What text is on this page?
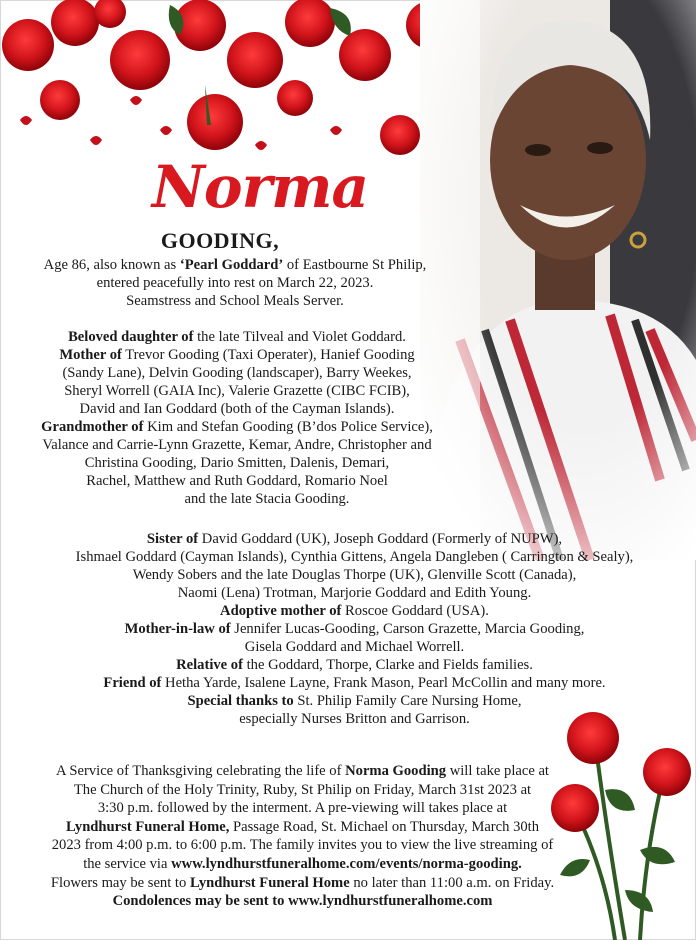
Norma
GOODING,
Age 86, also known as ‘Pearl Goddard’ of Eastbourne St Philip,
entered peacefully into rest on March 22, 2023.
Seamstress and School Meals Server.
Beloved daughter of the late Tilveal and Violet Goddard.
Mother of Trevor Gooding (Taxi Operater), Hanief Gooding
(Sandy Lane), Delvin Gooding (landscaper), Barry Weekes,
Sheryl Worrell (GAIA Inc), Valerie Grazette (CIBC FCIB),
David and Ian Goddard (both of the Cayman Islands).
Grandmother of Kim and Stefan Gooding (B’dos Police Service),
Valance and Carrie-Lynn Grazette, Kemar, Andre, Christopher and
Christina Gooding, Dario Smitten, Dalenis, Demari,
Rachel, Matthew and Ruth Goddard, Romario Noel
and the late Stacia Gooding.
Sister of David Goddard (UK), Joseph Goddard (Formerly of NUPW),
Ishmael Goddard (Cayman Islands), Cynthia Gittens, Angela Dangleben ( Carrington & Sealy),
Wendy Sobers and the late Douglas Thorpe (UK), Glenville Scott (Canada),
Naomi (Lena) Trotman, Marjorie Goddard and Edith Young.
Adoptive mother of Roscoe Goddard (USA).
Mother-in-law of Jennifer Lucas-Gooding, Carson Grazette, Marcia Gooding,
Gisela Goddard and Michael Worrell.
Relative of the Goddard, Thorpe, Clarke and Fields families.
Friend of Hetha Yarde, Isalene Layne, Frank Mason, Pearl McCollin and many more.
Special thanks to St. Philip Family Care Nursing Home,
especially Nurses Britton and Garrison.
A Service of Thanksgiving celebrating the life of Norma Gooding will take place at
The Church of the Holy Trinity, Ruby, St Philip on Friday, March 31st 2023 at
3:30 p.m. followed by the interment. A pre-viewing will takes place at
Lyndhurst Funeral Home, Passage Road, St. Michael on Thursday, March 30th
2023 from 4:00 p.m. to 6:00 p.m. The family invites you to view the live streaming of
the service via www.lyndhurstfuneralhome.com/events/norma-gooding.
Flowers may be sent to Lyndhurst Funeral Home no later than 11:00 a.m. on Friday.
Condolences may be sent to www.lyndhurstfuneralhome.com
